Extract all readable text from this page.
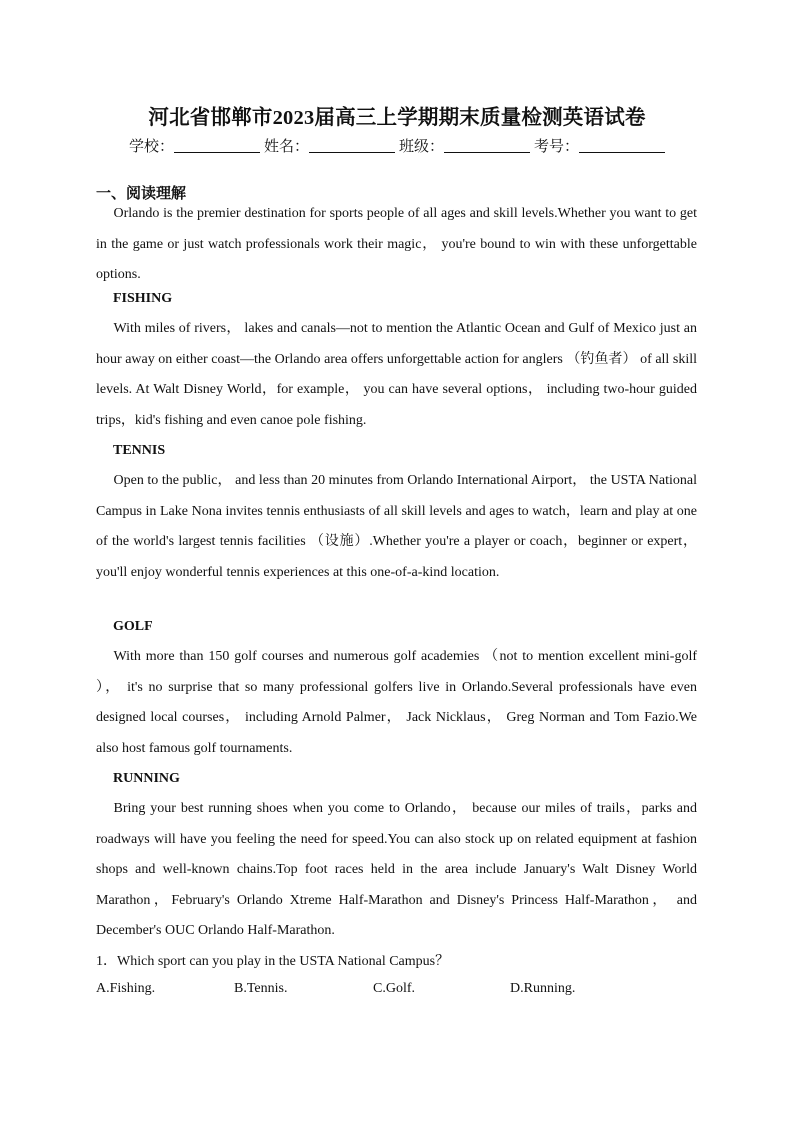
河北省邯郸市2023届高三上学期期末质量检测英语试卷
学校：	姓名：	班级：	考号：
一、阅读理解
Orlando is the premier destination for sports people of all ages and skill levels.Whether you want to get in the game or just watch professionals work their magic， you're bound to win with these unforgettable options.
FISHING
With miles of rivers， lakes and canals—not to mention the Atlantic Ocean and Gulf of Mexico just an hour away on either coast—the Orlando area offers unforgettable action for anglers （钓鱼者） of all skill levels. At Walt Disney World，for example， you can have several options， including two-hour guided trips，kid's fishing and even canoe pole fishing.
TENNIS
Open to the public， and less than 20 minutes from Orlando International Airport， the USTA National Campus in Lake Nona invites tennis enthusiasts of all skill levels and ages to watch，learn and play at one of the world's largest tennis facilities （设施）.Whether you're a player or coach，beginner or expert，you'll enjoy wonderful tennis experiences at this one-of-a-kind location.
GOLF
With more than 150 golf courses and numerous golf academies （not to mention excellent mini-golf ）， it's no surprise that so many professional golfers live in Orlando.Several professionals have even designed local courses， including Arnold Palmer， Jack Nicklaus， Greg Norman and Tom Fazio.We also host famous golf tournaments.
RUNNING
Bring your best running shoes when you come to Orlando， because our miles of trails，parks and roadways will have you feeling the need for speed.You can also stock up on related equipment at fashion shops and well-known chains.Top foot races held in the area include January's Walt Disney World Marathon，February's Orlando Xtreme Half-Marathon and Disney's Princess Half-Marathon， and December's OUC Orlando Half-Marathon.
1．Which sport can you play in the USTA National Campus？
A.Fishing.	B.Tennis.	C.Golf.	D.Running.
